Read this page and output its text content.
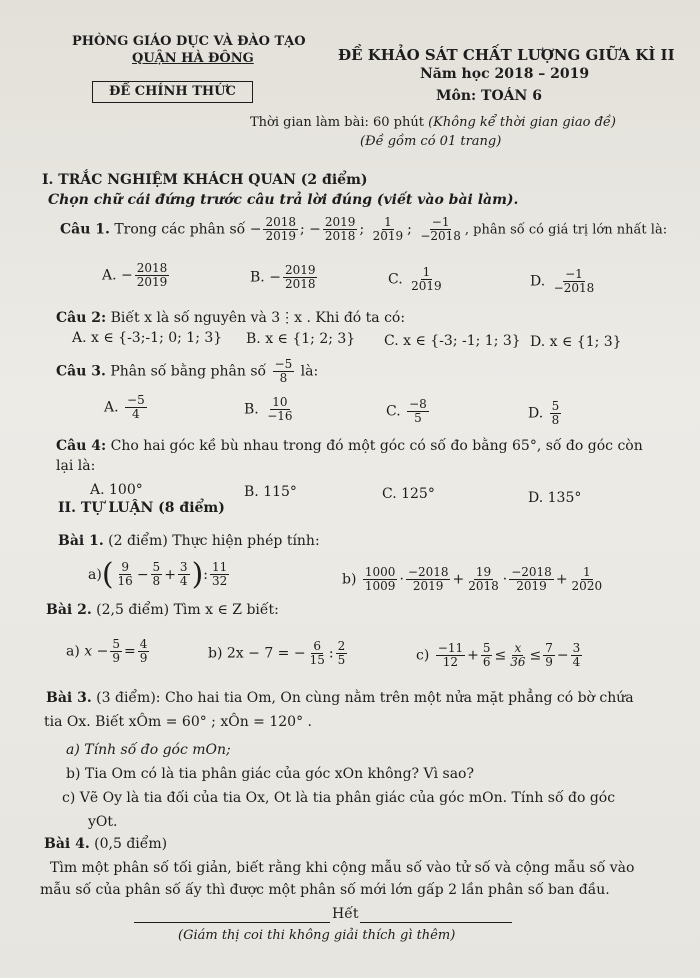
PHÒNG GIÁO DỤC VÀ ĐÀO TẠO
QUẬN HÀ ĐÔNG
ĐỀ CHÍNH THỨC
ĐỀ KHẢO SÁT CHẤT LƯỢNG GIỮA KÌ II
Năm học 2018 – 2019
Môn: TOÁN 6
Thời gian làm bài: 60 phút (Không kể thời gian giao đề)
(Đề gồm có 01 trang)
I. TRẮC NGHIỆM KHÁCH QUAN (2 điểm)
Chọn chữ cái đứng trước câu trả lời đúng (viết vào bài làm).
Câu 1. Trong các phân số − $\frac{2018}{2019}$ ; − $\frac{2019}{2018}$ ; $\frac{1}{2019}$ ; $\frac{-1}{-2018}$ , phân số có giá trị lớn nhất là:
A. − $\frac{2018}{2019}$	B. − $\frac{2019}{2018}$	C. $\frac{1}{2019}$	D. $\frac{-1}{-2018}$
Câu 2: Biết x là số nguyên và 3⋮x . Khi đó ta có:
A. x ∈ {-3;-1; 0; 1; 3} B. x ∈ {1; 2; 3} C. x ∈ {-3; -1; 1; 3} D. x ∈ {1; 3}
Câu 3. Phân số bằng phân số $\frac{-5}{8}$ là:
A. $\frac{-5}{4}$	B. $\frac{10}{-16}$	C. $\frac{-8}{5}$	D. $\frac{5}{8}$
Câu 4: Cho hai góc kề bù nhau trong đó một góc có số đo bằng 65°, số đo góc còn
lại là:
A. 100°	B. 115°	C. 125°	D. 135°
II. TỰ LUẬN (8 điểm)
Bài 1. (2 điểm) Thực hiện phép tính:
$a)( \frac{9}{16} - \frac{5}{8} + \frac{3}{4}$ ): $\frac{11}{32}$	$b) \frac{1000}{1009} \cdot \frac{-2018}{2019} + \frac{19}{2018} \cdot \frac{-2018}{2019} + \frac{1}{2020}$
Bài 2. (2,5 điểm) Tìm x ∈ Z biết:
a) $x - \frac{5}{9} = \frac{4}{9}$	b) 2x − 7 = − $\frac{6}{15}$ : $\frac{2}{5}$	$c) \frac{-11}{12} + \frac{5}{6} \le \frac{x}{36} \le \frac{7}{9} - \frac{3}{4}$
Bài 3. (3 điểm): Cho hai tia Om, On cùng nằm trên một nửa mặt phẳng có bờ chứa
tia Ox. Biết xÔm = 60° ; xÔn = 120° .
a) Tính số đo góc mOn;
b) Tia Om có là tia phân giác của góc xOn không? Vì sao?
c) Vẽ Oy là tia đối của tia Ox, Ot là tia phân giác của góc mOn. Tính số đo góc
yOt.
Bài 4. (0,5 điểm)
Tìm một phân số tối giản, biết rằng khi cộng mẫu số vào tử số và cộng mẫu số vào
mẫu số của phân số ấy thì được một phân số mới lớn gấp 2 lần phân số ban đầu.
Hết
(Giám thị coi thi không giải thích gì thêm)
